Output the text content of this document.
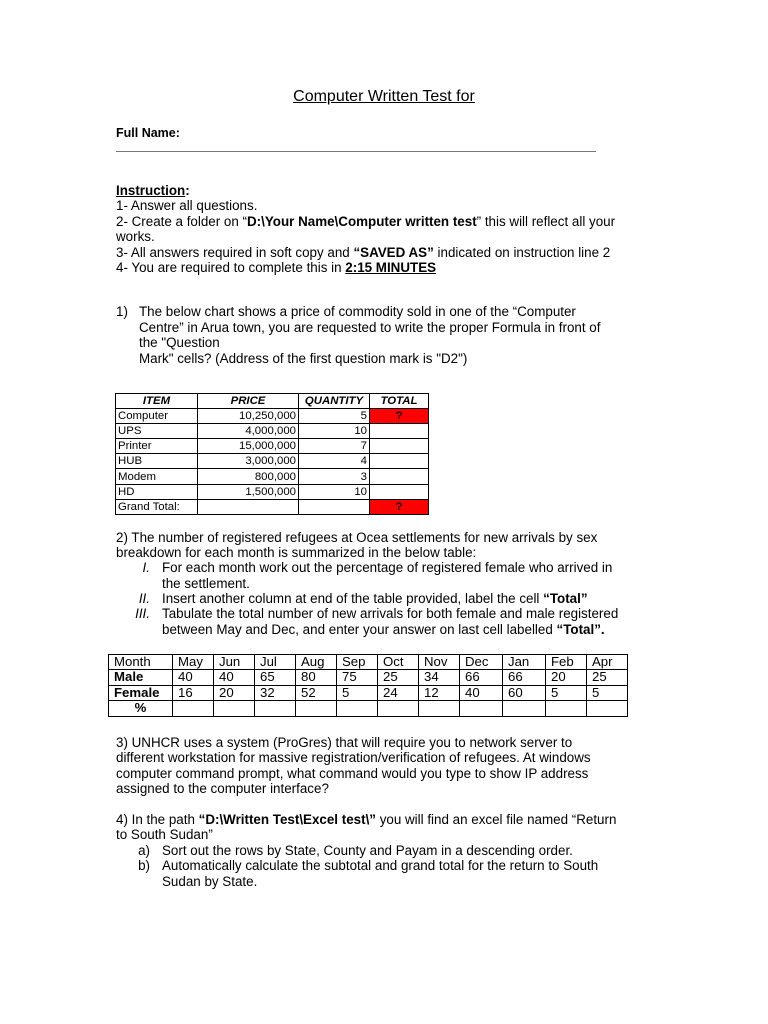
Computer Written Test for
Full Name:
Instruction:
1- Answer all questions.
2- Create a folder on “D:\Your Name\Computer written test” this will reflect all your
works.
3- All answers required in soft copy and “SAVED AS” indicated on instruction line 2
4- You are required to complete this in 2:15 MINUTES
1) The below chart shows a price of commodity sold in one of the “Computer
Centre” in Arua town, you are requested to write the proper Formula in front of
the "Question
Mark" cells? (Address of the first question mark is "D2")
ITEM	PRICE	QUANTITY	TOTAL
Computer	10,250,000	5	?
UPS	4,000,000	10	
Printer	15,000,000	7	
HUB	3,000,000	4	
Modem	800,000	3	
HD	1,500,000	10	
Grand Total:			?
2) The number of registered refugees at Ocea settlements for new arrivals by sex
breakdown for each month is summarized in the below table:
I. For each month work out the percentage of registered female who arrived in
the settlement.
II. Insert another column at end of the table provided, label the cell “Total”
III. Tabulate the total number of new arrivals for both female and male registered
between May and Dec, and enter your answer on last cell labelled “Total”.
Month	May	Jun	Jul	Aug	Sep	Oct	Nov	Dec	Jan	Feb	Apr
Male	40	40	65	80	75	25	34	66	66	20	25
Female	16	20	32	52	5	24	12	40	60	5	5
%											
3) UNHCR uses a system (ProGres) that will require you to network server to
different workstation for massive registration/verification of refugees. At windows
computer command prompt, what command would you type to show IP address
assigned to the computer interface?
4) In the path “D:\Written Test\Excel test\” you will find an excel file named “Return
to South Sudan”
a) Sort out the rows by State, County and Payam in a descending order.
b) Automatically calculate the subtotal and grand total for the return to South
Sudan by State.
